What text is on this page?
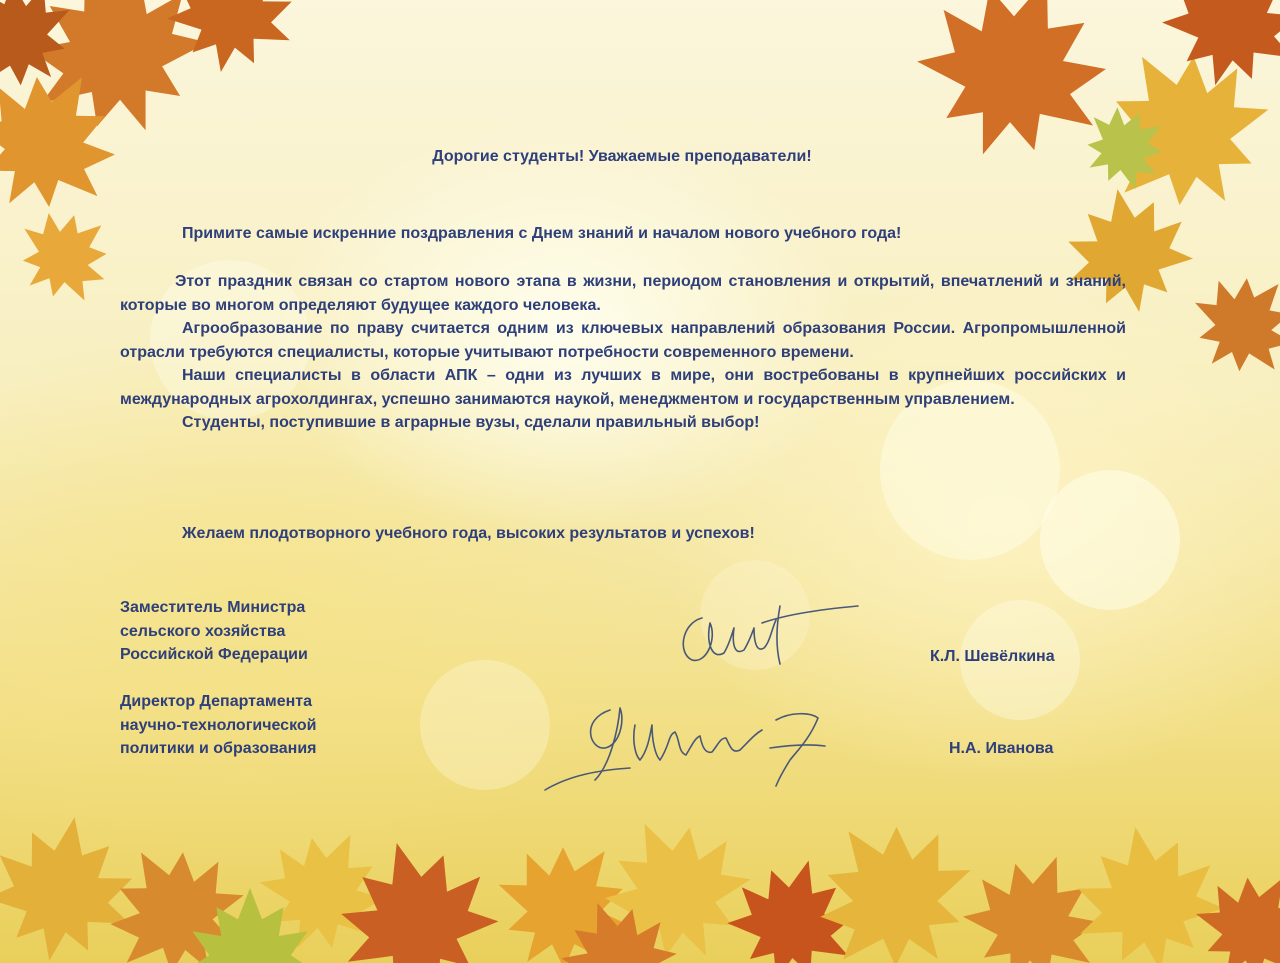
Дорогие студенты! Уважаемые преподаватели!

Примите самые искренние поздравления с Днем знаний и началом нового учебного года!

Этот праздник связан со стартом нового этапа в жизни, периодом становления и открытий, впечатлений и знаний, которые во многом определяют будущее каждого человека.

Агрообразование по праву считается одним из ключевых направлений образования России. Агропромышленной отрасли требуются специалисты, которые учитывают потребности современного времени.

Наши специалисты в области АПК – одни из лучших в мире, они востребованы в крупнейших российских и международных агрохолдингах, успешно занимаются наукой, менеджментом и государственным управлением.

Студенты, поступившие в аграрные вузы, сделали правильный выбор!

Желаем плодотворного учебного года, высоких результатов и успехов!

Заместитель Министра
сельского хозяйства
Российской Федерации	К.Л. Шевёлкина
Директор Департамента
научно-технологической
политики и образования	Н.А. Иванова
